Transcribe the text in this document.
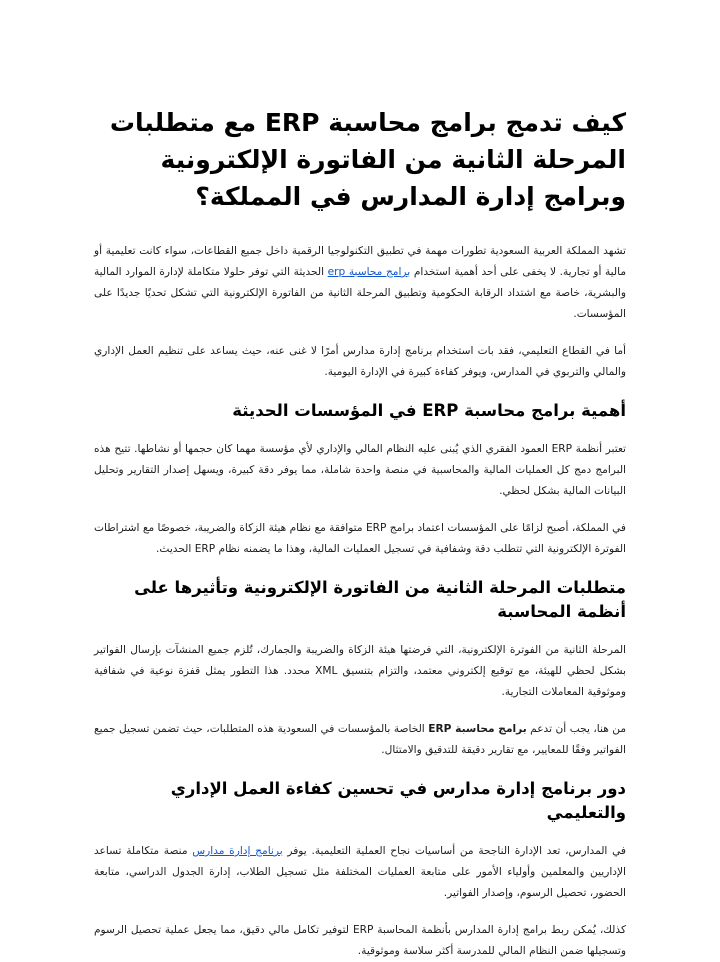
كيف تدمج برامج محاسبة ERP مع متطلبات المرحلة الثانية من الفاتورة الإلكترونية وبرامج إدارة المدارس في المملكة؟

تشهد المملكة العربية السعودية تطورات مهمة في تطبيق التكنولوجيا الرقمية داخل جميع القطاعات، سواء كانت تعليمية أو مالية أو تجارية. لا يخفى على أحد أهمية استخدام برامج محاسبة erp الحديثة التي توفر حلولا متكاملة لإدارة الموارد المالية والبشرية، خاصة مع اشتداد الرقابة الحكومية وتطبيق المرحلة الثانية من الفاتورة الإلكترونية التي تشكل تحديًا جديدًا على المؤسسات.

أما في القطاع التعليمي، فقد بات استخدام برنامج إدارة مدارس أمرًا لا غنى عنه، حيث يساعد على تنظيم العمل الإداري والمالي والتربوي في المدارس، ويوفر كفاءة كبيرة في الإدارة اليومية.

أهمية برامج محاسبة ERP في المؤسسات الحديثة

تعتبر أنظمة ERP العمود الفقري الذي يُبنى عليه النظام المالي والإداري لأي مؤسسة مهما كان حجمها أو نشاطها. تتيح هذه البرامج دمج كل العمليات المالية والمحاسبية في منصة واحدة شاملة، مما يوفر دقة كبيرة، ويسهل إصدار التقارير وتحليل البيانات المالية بشكل لحظي.

في المملكة، أصبح لزامًا على المؤسسات اعتماد برامج ERP متوافقة مع نظام هيئة الزكاة والضريبة، خصوصًا مع اشتراطات الفوترة الإلكترونية التي تتطلب دقة وشفافية في تسجيل العمليات المالية، وهذا ما يضمنه نظام ERP الحديث.

متطلبات المرحلة الثانية من الفاتورة الإلكترونية وتأثيرها على أنظمة المحاسبة

المرحلة الثانية من الفوترة الإلكترونية، التي فرضتها هيئة الزكاة والضريبة والجمارك، تُلزم جميع المنشآت بإرسال الفواتير بشكل لحظي للهيئة، مع توقيع إلكتروني معتمد، والتزام بتنسيق XML محدد. هذا التطور يمثل قفزة نوعية في شفافية وموثوقية المعاملات التجارية.

من هنا، يجب أن تدعم برامج محاسبة ERP الخاصة بالمؤسسات في السعودية هذه المتطلبات، حيث تضمن تسجيل جميع الفواتير وفقًا للمعايير، مع تقارير دقيقة للتدقيق والامتثال.

دور برنامج إدارة مدارس في تحسين كفاءة العمل الإداري والتعليمي

في المدارس، تعد الإدارة الناجحة من أساسيات نجاح العملية التعليمية. يوفر برنامج إدارة مدارس منصة متكاملة تساعد الإداريين والمعلمين وأولياء الأمور على متابعة العمليات المختلفة مثل تسجيل الطلاب، إدارة الجدول الدراسي، متابعة الحضور، تحصيل الرسوم، وإصدار الفواتير.

كذلك، يُمكن ربط برامج إدارة المدارس بأنظمة المحاسبة ERP لتوفير تكامل مالي دقيق، مما يجعل عملية تحصيل الرسوم وتسجيلها ضمن النظام المالي للمدرسة أكثر سلاسة وموثوقية.
